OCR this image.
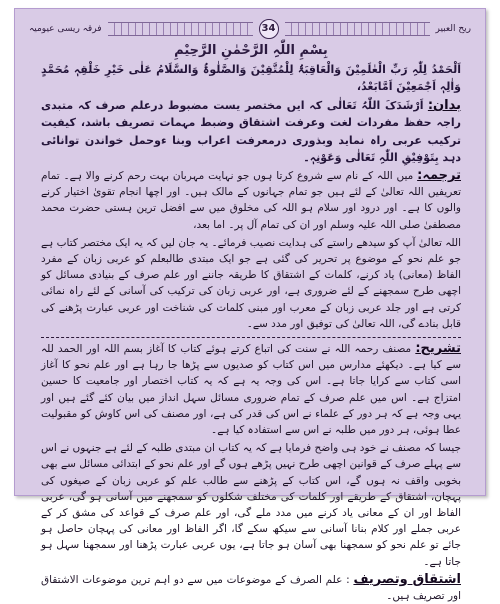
فرقہ ریسی عیومیہ	34	ریح العبیر
بِسْمِ اللّٰہِ الرَّحْمٰنِ الرَّحِیْمِ
اَلْحَمْدُ لِلّٰہِ رَبِّ الْعٰلَمِیْنَ وَالْعَاقِبَۃُ لِلْمُتَّقِیْنَ وَالصَّلٰوۃُ وَالسَّلَامُ عَلٰی خَیْرِ خَلْقِہٖ مُحَمَّدٍ وَاٰلِہٖ اَجْمَعِیْنَ اَمَّابَعْدُ،
بدان: اَرْشَدَکَ اللّٰہُ تَعَالٰی کہ ایں مختصر یست مضبوط درعلم صرف کہ متبدی راجہ حفظ مفردات لغت وعرفت اشتقاق وضبط مہمات تصریف باشد، کیفیت ترکیب عربی راہ نماید وبذوری درمعرفت اعراب وبنا ءوحمل خواندن توانائی دہد بِتَوْفِیْقِ اللّٰہِ تَعَالٰی وَعَوْنِہٖ۔
ترجمہ: میں اللہ کے نام سے شروع کرتا ہوں جو نہایت مہربان بہت رحم کرنے والا ہے۔ تمام تعریفیں اللہ تعالیٰ کے لئے ہیں جو تمام جہانوں کے مالک ہیں۔ اور اچھا انجام تقویٰ اختیار کرنے والوں کا ہے۔ اور درود اور سلام ہو اللہ کی مخلوق میں سے افضل ترین ہستی حضرت محمد مصطفیٰ صلی اللہ علیہ وسلم اور ان کی تمام آل پر۔ اما بعد،
اللہ تعالیٰ آپ کو سیدھے راستے کی ہدایت نصیب فرمائے۔ یہ جان لیں کہ یہ ایک مختصر کتاب ہے جو علم نحو کے موضوع پر تحریر کی گئی ہے جو ایک مبتدی طالبعلم کو عربی زبان کے مفرد الفاظ (معانی) یاد کرنے، کلمات کے اشتقاق کا طریقہ جاننے اور علم صرف کے بنیادی مسائل کو اچھی طرح سمجھنے کے لئے ضروری ہے، اور عربی زبان کی ترکیب کی آسانی کے لئے راہ نمائی کرتی ہے اور جلد عربی زبان کے معرب اور مبنی کلمات کی شناخت اور عربی عبارت پڑھنے کی قابل بنادے گی، اللہ تعالیٰ کی توفیق اور مدد سے۔
تشریح: مصنف رحمہ اللہ نے سنت کی اتباع کرتے ہوئے کتاب کا آغاز بسم اللہ اور الحمد للہ سے کیا ہے۔ دیکھئے مدارس میں اس کتاب کو صدیوں سے پڑھا جا رہا ہے اور علم نحو کا آغاز اسی کتاب سے کرایا جاتا ہے۔ اس کی وجہ یہ ہے کہ یہ کتاب اختصار اور جامعیت کا حسین امتزاج ہے۔ اس میں علم صرف کے تمام ضروری مسائل سہل انداز میں بیان کئے گئے ہیں اور یہی وجہ ہے کہ ہر دور کے علماء نے اس کی قدر کی ہے، اور مصنف کی اس کاوش کو مقبولیت عطا ہوئی، ہر دور میں طلبہ نے اس سے استفادہ کیا ہے۔
جیسا کہ مصنف نے خود ہی واضح فرمایا ہے کہ یہ کتاب ان مبتدی طلبہ کے لئے ہے جنہوں نے اس سے پہلے صرف کے قوانین اچھی طرح نہیں پڑھے ہوں گے اور علم نحو کے ابتدائی مسائل سے بھی بخوبی واقف نہ ہوں گے، اس کتاب کے پڑھنے سے طالب علم کو عربی زبان کے صیغوں کی پہچان، اشتقاق کے طریقے اور کلمات کی مختلف شکلوں کو سمجھنے میں آسانی ہو گی، عربی الفاظ اور ان کے معانی یاد کرنے میں مدد ملے گی، اور علم صرف کے قواعد کی مشق کر کے عربی جملے اور کلام بنانا آسانی سے سیکھ سکے گا، اگر الفاظ اور معانی کی پہچان حاصل ہو جائے تو علم نحو کو سمجھنا بھی آسان ہو جاتا ہے، یوں عربی عبارت پڑھنا اور سمجھنا سہل ہو جاتا ہے۔
اشتقاق وتصریف : علم الصرف کے موضوعات میں سے دو اہم ترین موضوعات الاشتقاق اور تصریف ہیں۔
